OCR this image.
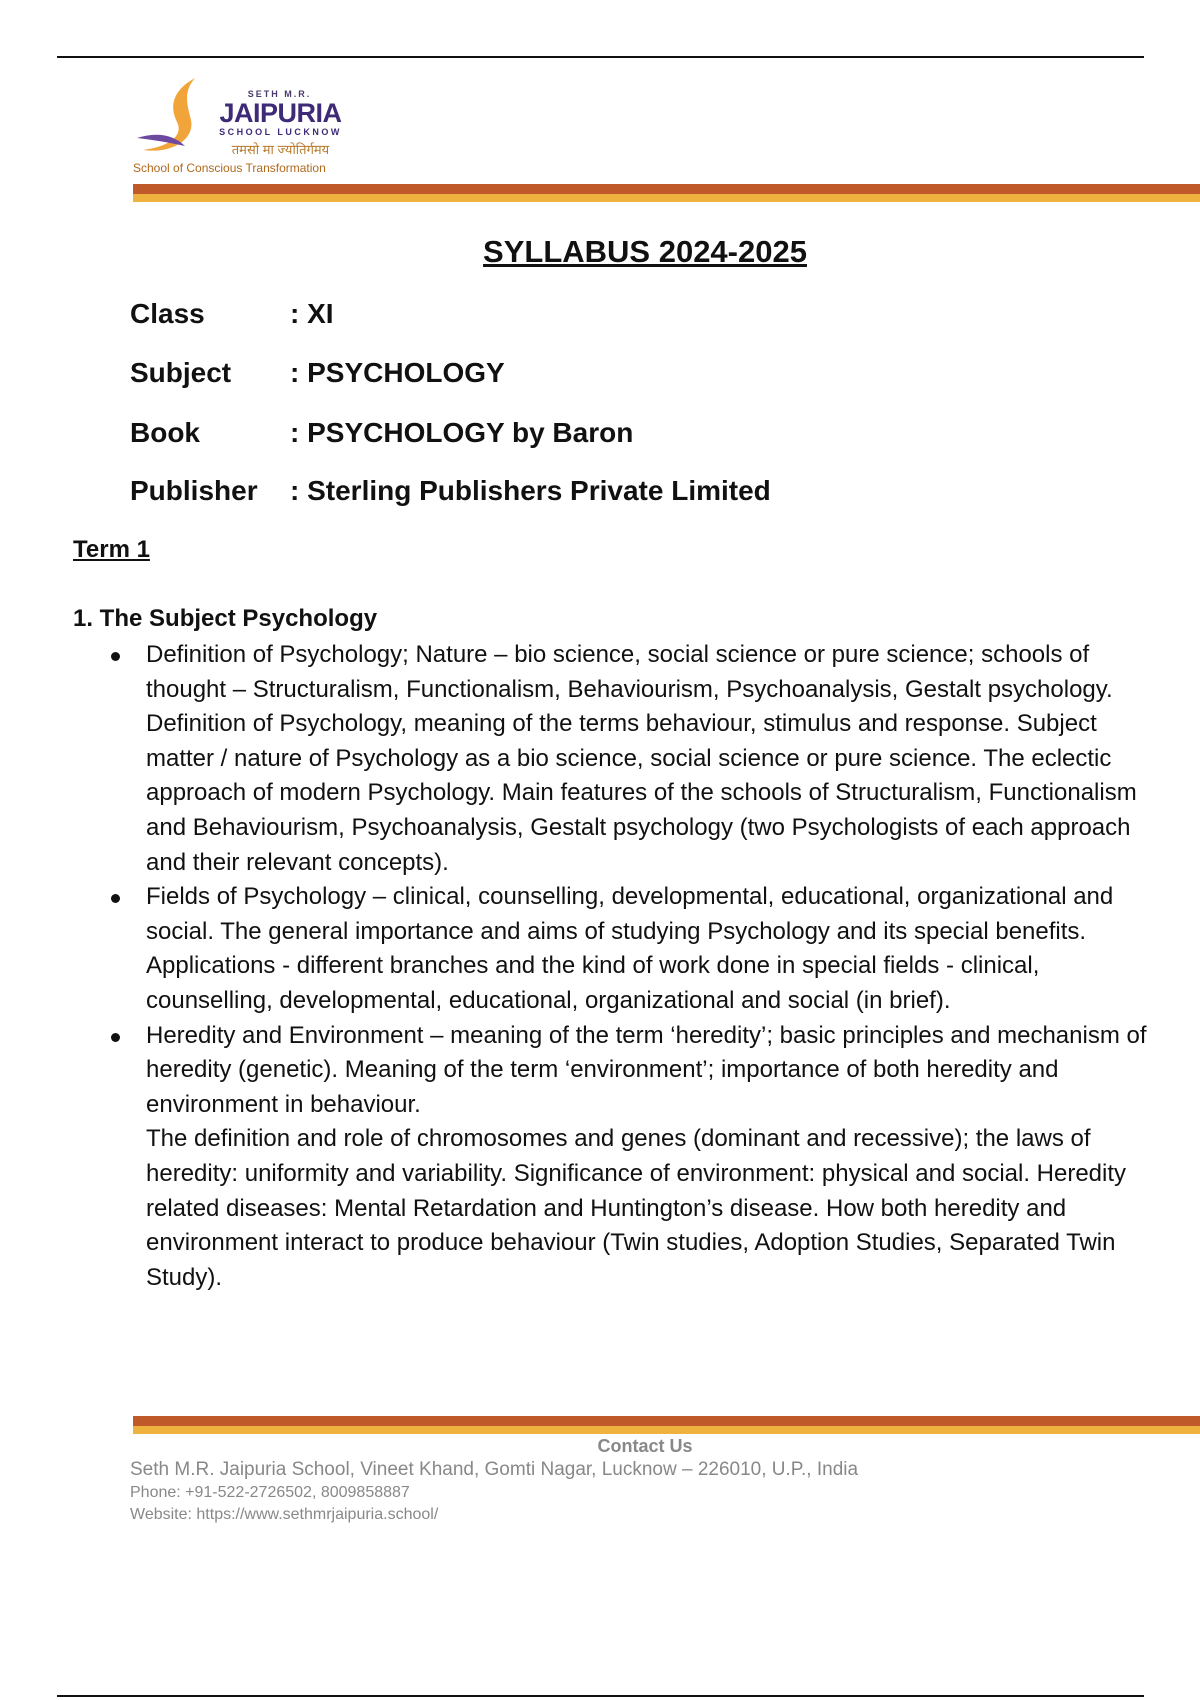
SETH M.R.
JAIPURIA
SCHOOL LUCKNOW
तमसो मा ज्योतिर्गमय
School of Conscious Transformation
SYLLABUS 2024-2025
Class	: XI
Subject : PSYCHOLOGY
Book	: PSYCHOLOGY by Baron
Publisher : Sterling Publishers Private Limited
Term 1
1. The Subject Psychology

Definition of Psychology; Nature – bio science, social science or pure science; schools of thought – Structuralism, Functionalism, Behaviourism, Psychoanalysis, Gestalt psychology. Definition of Psychology, meaning of the terms behaviour, stimulus and response. Subject matter / nature of Psychology as a bio science, social science or pure science. The eclectic approach of modern Psychology. Main features of the schools of Structuralism, Functionalism and Behaviourism, Psychoanalysis, Gestalt psychology (two Psychologists of each approach and their relevant concepts).

Fields of Psychology – clinical, counselling, developmental, educational, organizational and social. The general importance and aims of studying Psychology and its special benefits. Applications - different branches and the kind of work done in special fields - clinical, counselling, developmental, educational, organizational and social (in brief).

Heredity and Environment – meaning of the term ‘heredity’; basic principles and mechanism of heredity (genetic). Meaning of the term ‘environment’; importance of both heredity and environment in behaviour.

The definition and role of chromosomes and genes (dominant and recessive); the laws of heredity: uniformity and variability. Significance of environment: physical and social. Heredity related diseases: Mental Retardation and Huntington’s disease. How both heredity and environment interact to produce behaviour (Twin studies, Adoption Studies, Separated Twin Study).

Contact Us
Seth M.R. Jaipuria School, Vineet Khand, Gomti Nagar, Lucknow – 226010, U.P., India
Phone: +91-522-2726502, 8009858887
Website: https://www.sethmrjaipuria.school/
